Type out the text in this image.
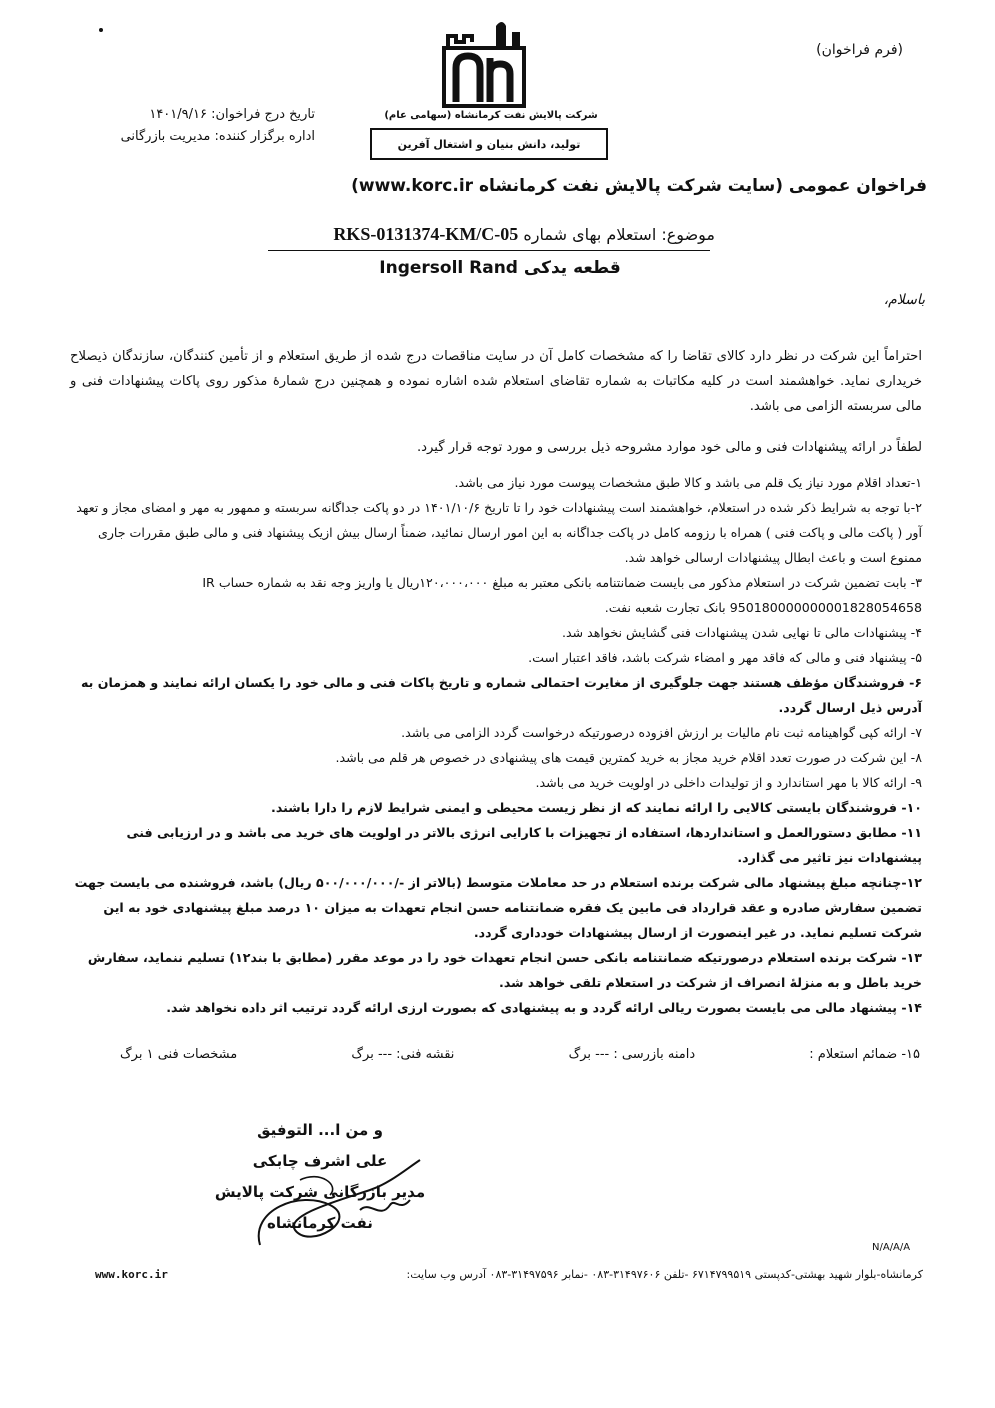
(فرم فراخوان)
شرکت پالایش نفت کرمانشاه (سهامی عام)
تولید، دانش بنیان و اشتغال آفرین
تاریخ درج فراخوان: ۱۴۰۱/۹/۱۶
اداره برگزار کننده: مدیریت بازرگانی
فراخوان عمومی (سایت شرکت پالایش نفت کرمانشاه www.korc.ir)
موضوع: استعلام بهای شماره RKS-0131374-KM/C-05
قطعه یدکی Ingersoll Rand
باسلام،
احتراماً این شرکت در نظر دارد کالای تقاضا را که مشخصات کامل آن در سایت مناقصات درج شده از طریق استعلام و از تأمین کنندگان، سازندگان ذیصلاح خریداری نماید. خواهشمند است در کلیه مکاتبات به شماره تقاضای استعلام شده اشاره نموده و همچنین درج شمارهٔ مذکور روی پاکات پیشنهادات فنی و مالی سربسته الزامی می باشد.
لطفاً در ارائه پیشنهادات فنی و مالی خود موارد مشروحه ذیل بررسی و مورد توجه قرار گیرد.

۱-تعداد اقلام مورد نیاز یک قلم می باشد و کالا طبق مشخصات پیوست مورد نیاز می باشد.

۲-با توجه به شرایط ذکر شده در استعلام، خواهشمند است پیشنهادات خود را تا تاریخ ۱۴۰۱/۱۰/۶ در دو پاکت جداگانه سربسته و ممهور به مهر و امضای مجاز و تعهد آور ( پاکت مالی و پاکت فنی ) همراه با رزومه کامل در پاکت جداگانه به این امور ارسال نمائید، ضمناً ارسال بیش ازیک پیشنهاد فنی و مالی طبق مقررات جاری ممنوع است و باعث ابطال پیشنهادات ارسالی خواهد شد.

۳- بابت تضمین شرکت در استعلام مذکور می بایست ضمانتنامه بانکی معتبر به مبلغ ۱۲۰،۰۰۰،۰۰۰ریال یا واریز وجه نقد به شماره حساب IR 950180000000001828054658 بانک تجارت شعبه نفت.

۴- پیشنهادات مالی تا نهایی شدن پیشنهادات فنی گشایش نخواهد شد.

۵- پیشنهاد فنی و مالی که فاقد مهر و امضاء شرکت باشد، فاقد اعتبار است.

۶- فروشندگان مؤظف هستند جهت جلوگیری از مغایرت احتمالی شماره و تاریخ پاکات فنی و مالی خود را یکسان ارائه نمایند و همزمان به آدرس ذیل ارسال گردد.

۷- ارائه کپی گواهینامه ثبت نام مالیات بر ارزش افزوده درصورتیکه درخواست گردد الزامی می باشد.

۸- این شرکت در صورت تعدد اقلام خرید مجاز به خرید کمترین قیمت های پیشنهادی در خصوص هر قلم می باشد.

۹- ارائه کالا با مهر استاندارد و از تولیدات داخلی در اولویت خرید می باشد.

۱۰- فروشندگان بایستی کالایی را ارائه نمایند که از نظر زیست محیطی و ایمنی شرایط لازم را دارا باشند.

۱۱- مطابق دستورالعمل و استانداردها، استفاده از تجهیزات با کارایی انرژی بالاتر در اولویت های خرید می باشد و در ارزیابی فنی پیشنهادات نیز تاثیر می گذارد.

۱۲-چنانچه مبلغ پیشنهاد مالی شرکت برنده استعلام در حد معاملات متوسط (بالاتر از -/۵۰۰/۰۰۰/۰۰۰ ریال) باشد، فروشنده می بایست جهت تضمین سفارش صادره و عقد قرارداد فی مابین یک فقره ضمانتنامه حسن انجام تعهدات به میزان ۱۰ درصد مبلغ پیشنهادی خود به این شرکت تسلیم نماید. در غیر اینصورت از ارسال پیشنهادات خودداری گردد.

۱۳- شرکت برنده استعلام درصورتیکه ضمانتنامه بانکی حسن انجام تعهدات خود را در موعد مقرر (مطابق با بند۱۲) تسلیم ننماید، سفارش خرید باطل و به منزلهٔ انصراف از شرکت در استعلام تلقی خواهد شد.

۱۴- پیشنهاد مالی می بایست بصورت ریالی ارائه گردد و به پیشنهادی که بصورت ارزی ارائه گردد ترتیب اثر داده نخواهد شد.

۱۵- ضمائم استعلام :
دامنه بازرسی : --- برگ
نقشه فنی: --- برگ
مشخصات فنی ۱ برگ
و من ا... التوفیق
علی اشرف چابکی
مدیر بازرگانی شرکت پالایش نفت کرمانشاه
N/A/A/A
www.korc.ir	کرمانشاه-بلوار شهید بهشتی-کدپستی ۶۷۱۴۷۹۹۵۱۹ -تلفن ۳۱۴۹۷۶۰۶-۰۸۳ -نمابر ۳۱۴۹۷۵۹۶-۰۸۳ آدرس وب سایت:
